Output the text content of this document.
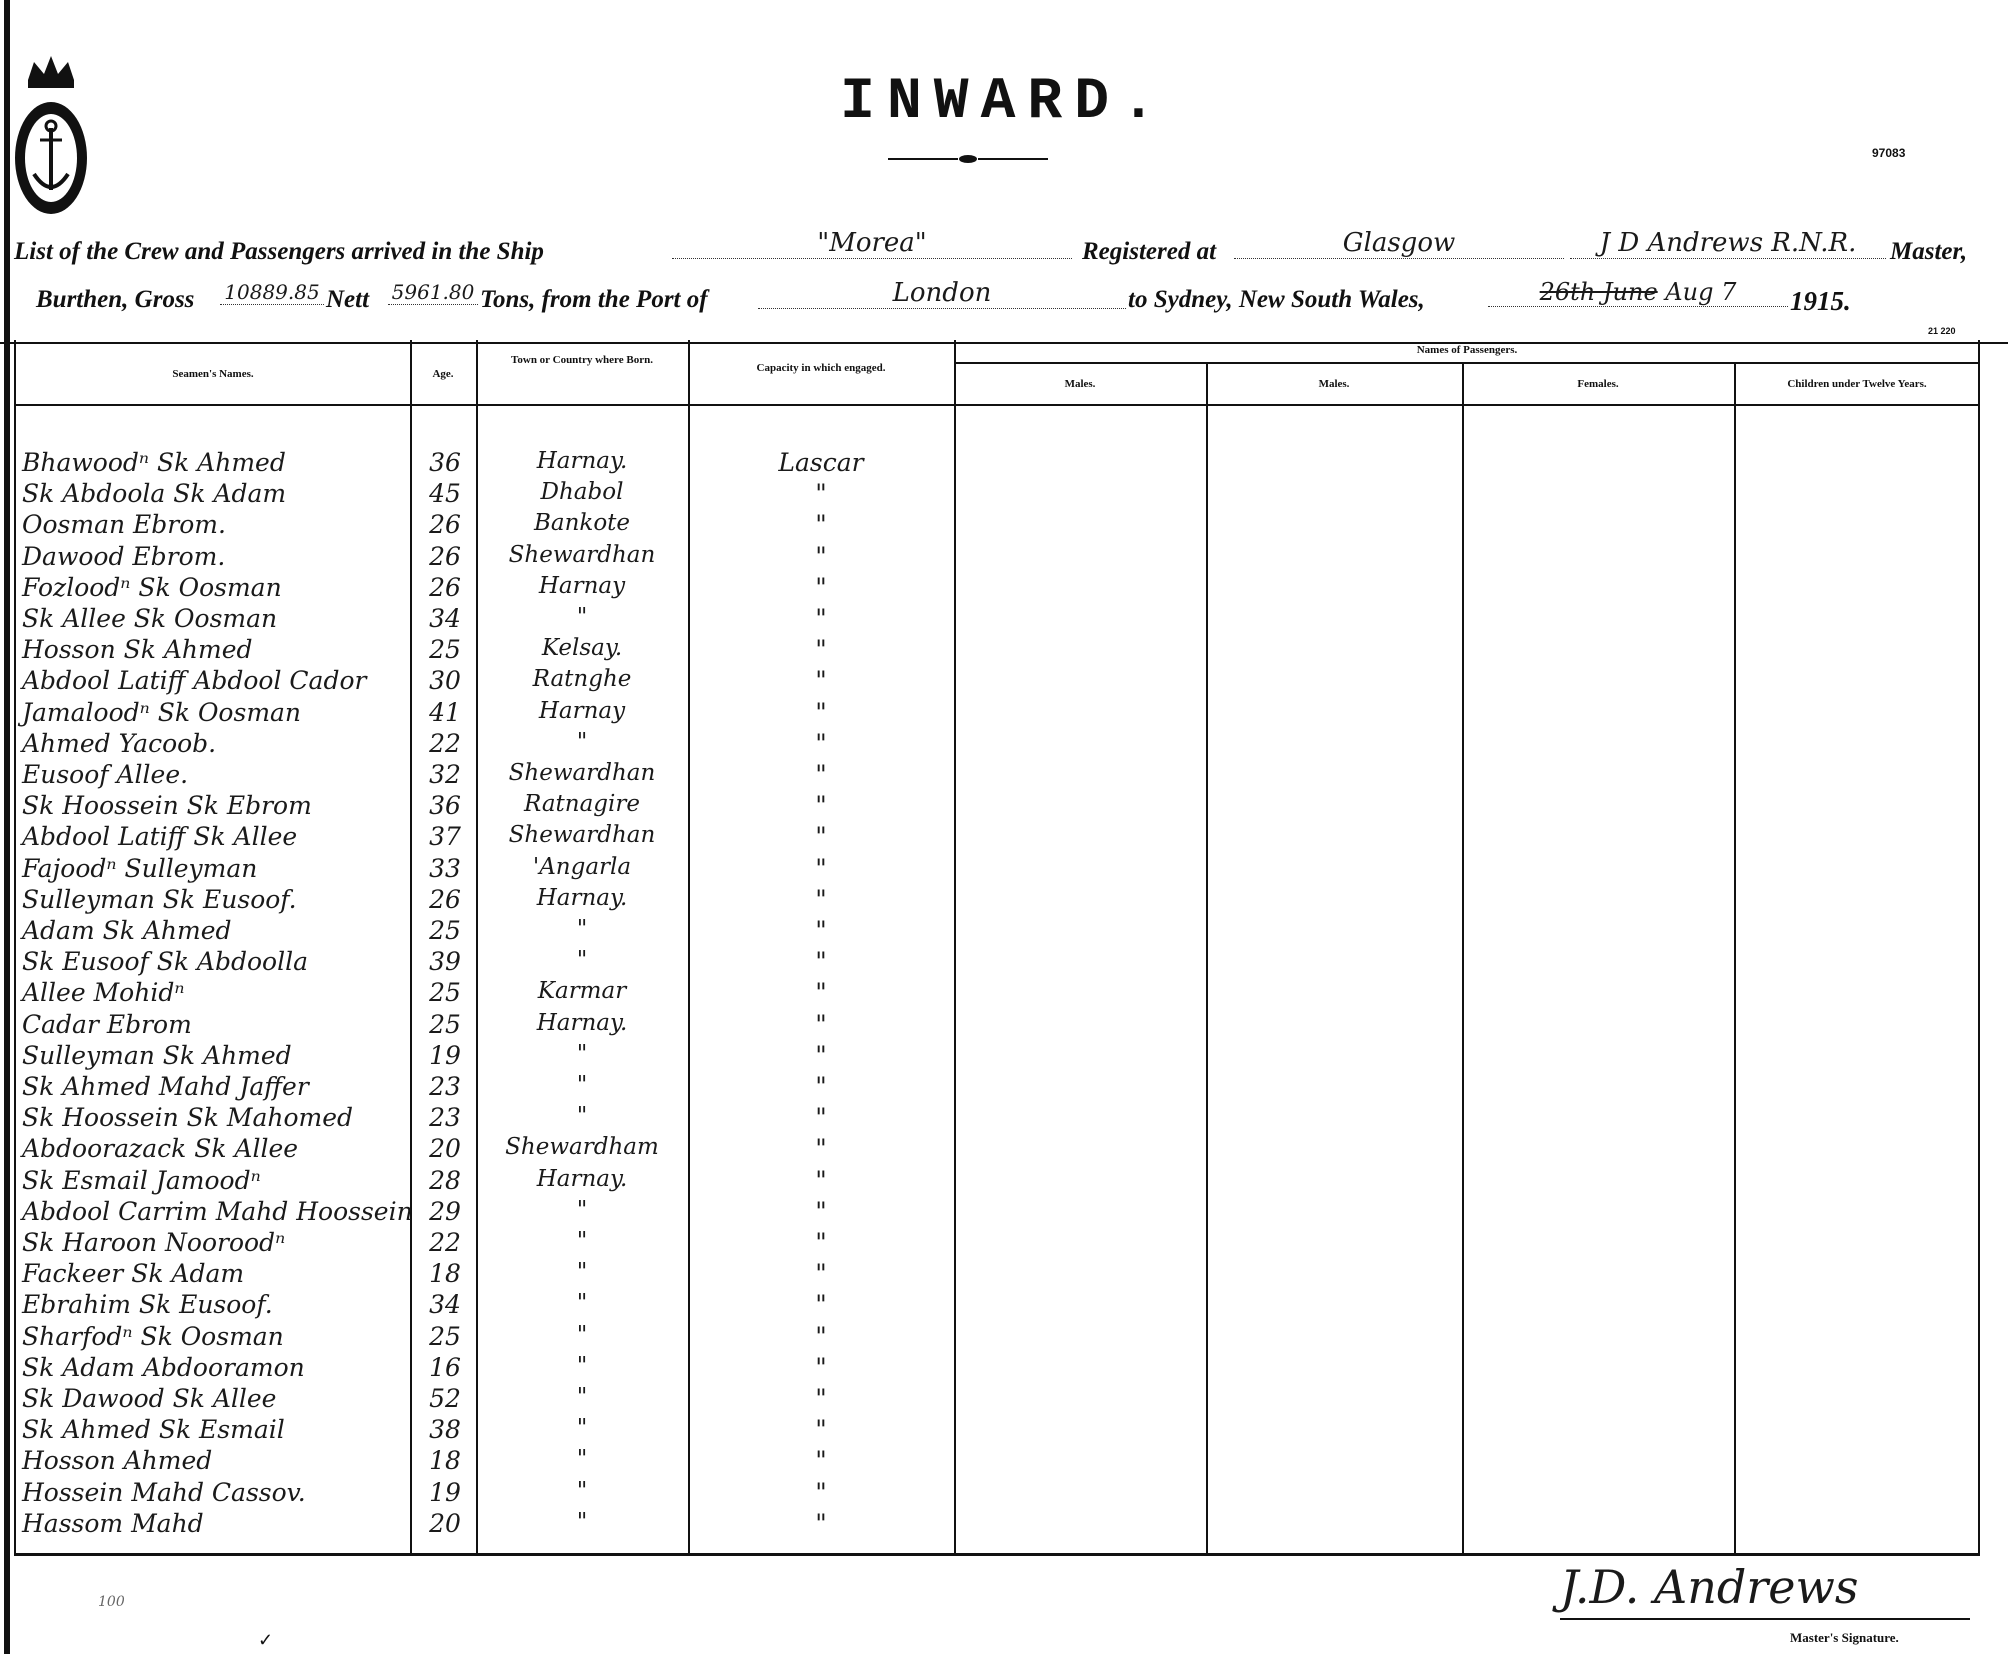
INWARD.
97083
List of the Crew and Passengers arrived in the Ship	"Morea"	Registered at	Glasgow	J D Andrews R.N.R.	Master,
Burthen, Gross 10889.85 Nett 5961.80 Tons, from the Port of	London	to Sydney, New South Wales,	26th June Aug 7	1915.
21 220
Seamen's Names.	Age.
Town or Country where Born.
Capacity in which engaged.
Names of Passengers.
Males.	Males.	Females.	Children under Twelve Years.
Bhawoodⁿ Sk Ahmed	36	Harnay.	Lascar
Sk Abdoola Sk Adam	45	Dhabol	"
Oosman Ebrom.	26	Bankote	"
Dawood Ebrom.	26	Shewardhan	"
Fozloodⁿ Sk Oosman	26	Harnay	"
Sk Allee Sk Oosman	34	"	"
Hosson Sk Ahmed	25	Kelsay.	"
Abdool Latiff Abdool Cador	30	Ratnghe	"
Jamaloodⁿ Sk Oosman	41	Harnay	"
Ahmed Yacoob.	22	"	"
Eusoof Allee.	32	Shewardhan	"
Sk Hoossein Sk Ebrom	36	Ratnagire	"
Abdool Latiff Sk Allee	37	Shewardhan	"
Fajoodⁿ Sulleyman	33	'Angarla	"
Sulleyman Sk Eusoof.	26	Harnay.	"
Adam Sk Ahmed	25	"	"
Sk Eusoof Sk Abdoolla	39	"	"
Allee Mohidⁿ	25	Karmar	"
Cadar Ebrom	25	Harnay.	"
Sulleyman Sk Ahmed	19	"	"
Sk Ahmed Mahd Jaffer	23	"	"
Sk Hoossein Sk Mahomed	23	"	"
Abdoorazack Sk Allee	20	Shewardham	"
Sk Esmail Jamoodⁿ	28	Harnay.	"
Abdool Carrim Mahd Hoossein 29	"	"
Sk Haroon Nooroodⁿ	22	"	"
Fackeer Sk Adam	18	"	"
Ebrahim Sk Eusoof.	34	"	"
Sharfodⁿ Sk Oosman	25	"	"
Sk Adam Abdooramon	16	"	"
Sk Dawood Sk Allee	52	"	"
Sk Ahmed Sk Esmail	38	"	"
Hosson Ahmed	18	"	"
Hossein Mahd Cassov.	19	"	"
Hassom Mahd	20	"	"
J.D. Andrews
Master's Signature.
100
✓
